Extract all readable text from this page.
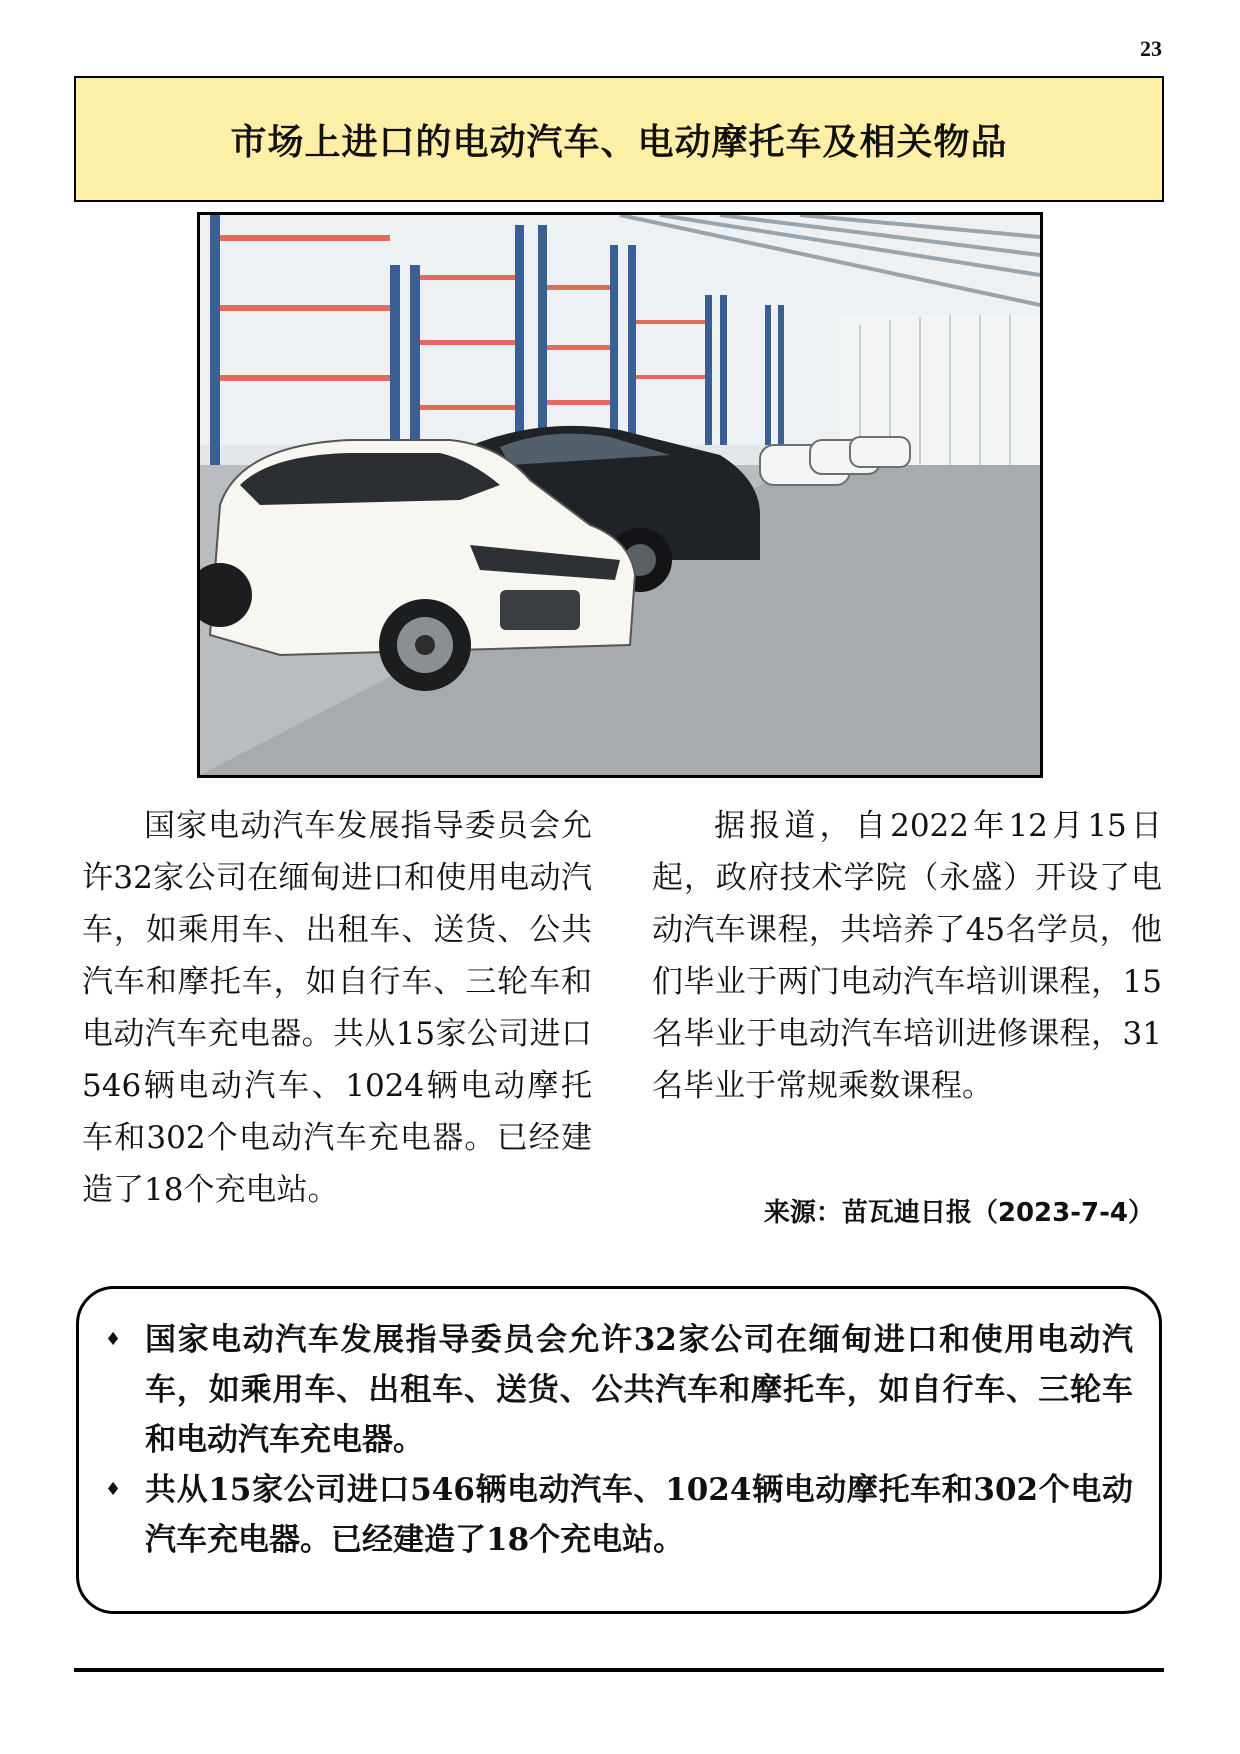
23
市场上进口的电动汽车、电动摩托车及相关物品

国家电动汽车发展指导委员会允许32家公司在缅甸进口和使用电动汽车，如乘用车、出租车、送货、公共汽车和摩托车，如自行车、三轮车和电动汽车充电器。共从15家公司进口546辆电动汽车、1024辆电动摩托车和302个电动汽车充电器。已经建造了18个充电站。

据报道，自2022年12月15日起，政府技术学院（永盛）开设了电动汽车课程，共培养了45名学员，他们毕业于两门电动汽车培训课程，15名毕业于电动汽车培训进修课程，31名毕业于常规乘数课程。

来源：苗瓦迪日报（2023-7-4）
♦ 国家电动汽车发展指导委员会允许32家公司在缅甸进口和使用电动汽车，如乘用车、出租车、送货、公共汽车和摩托车，如自行车、三轮车和电动汽车充电器。
♦ 共从15家公司进口546辆电动汽车、1024辆电动摩托车和302个电动汽车充电器。已经建造了18个充电站。
